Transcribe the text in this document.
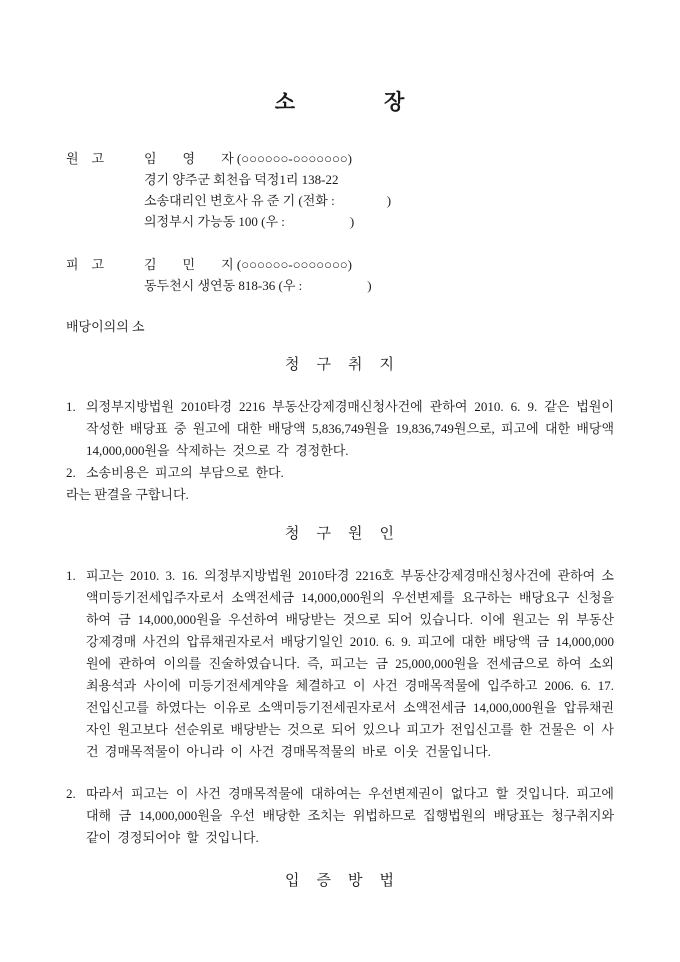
소　　　　장
원　고	임　　영　　자 (○○○○○○-○○○○○○○)
경기 양주군 회천읍 덕정1리 138-22
소송대리인 변호사 유 준 기 (전화 :　　　　)
의정부시 가능동 100 (우 :　　　　　)
피　고	김　　민　　지 (○○○○○○-○○○○○○○)
동두천시 생연동 818-36 (우 :　　　　　)
배당이의의 소
청　구　취　지
1. 의정부지방법원 2010타경 2216 부동산강제경매신청사건에 관하여 2010. 6. 9. 같은 법원이 작성한 배당표 중 원고에 대한 배당액 5,836,749원을 19,836,749원으로, 피고에 대한 배당액 14,000,000원을 삭제하는 것으로 각 경정한다.
2. 소송비용은 피고의 부담으로 한다.
라는 판결을 구합니다.
청　구　원　인
1. 피고는 2010. 3. 16. 의정부지방법원 2010타경 2216호 부동산강제경매신청사건에 관하여 소액미등기전세입주자로서 소액전세금 14,000,000원의 우선변제를 요구하는 배당요구 신청을 하여 금 14,000,000원을 우선하여 배당받는 것으로 되어 있습니다. 이에 원고는 위 부동산 강제경매 사건의 압류채권자로서 배당기일인 2010. 6. 9. 피고에 대한 배당액 금 14,000,000원에 관하여 이의를 진술하였습니다. 즉, 피고는 금 25,000,000원을 전세금으로 하여 소외 최용석과 사이에 미등기전세계약을 체결하고 이 사건 경매목적물에 입주하고 2006. 6. 17. 전입신고를 하였다는 이유로 소액미등기전세권자로서 소액전세금 14,000,000원을 압류채권자인 원고보다 선순위로 배당받는 것으로 되어 있으나 피고가 전입신고를 한 건물은 이 사건 경매목적물이 아니라 이 사건 경매목적물의 바로 이웃 건물입니다.
2. 따라서 피고는 이 사건 경매목적물에 대하여는 우선변제권이 없다고 할 것입니다. 피고에 대해 금 14,000,000원을 우선 배당한 조치는 위법하므로 집행법원의 배당표는 청구취지와 같이 경정되어야 할 것입니다.
입　증　방　법
